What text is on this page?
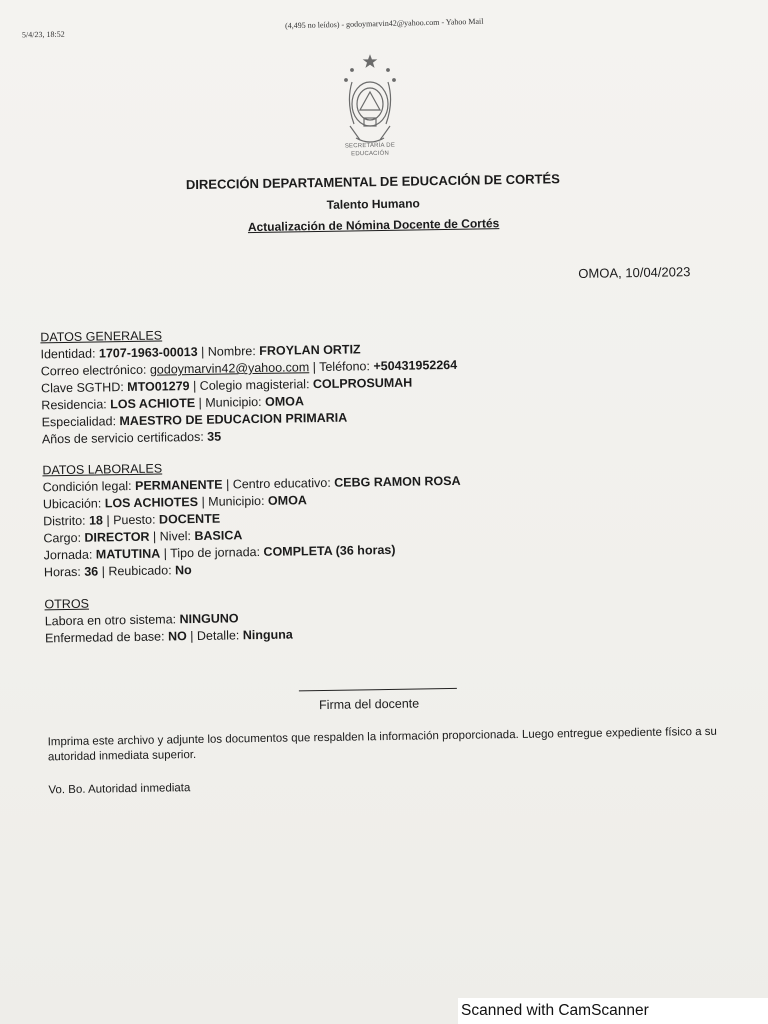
5/4/23, 18:52
(4,495 no leídos) - godoymarvin42@yahoo.com - Yahoo Mail
SECRETARÍA DE
EDUCACIÓN
DIRECCIÓN DEPARTAMENTAL DE EDUCACIÓN DE CORTÉS
Talento Humano
Actualización de Nómina Docente de Cortés
OMOA, 10/04/2023
DATOS GENERALES
Identidad: 1707-1963-00013 | Nombre: FROYLAN ORTIZ
Correo electrónico: godoymarvin42@yahoo.com | Teléfono: +50431952264
Clave SGTHD: MTO01279 | Colegio magisterial: COLPROSUMAH
Residencia: LOS ACHIOTE | Municipio: OMOA
Especialidad: MAESTRO DE EDUCACION PRIMARIA
Años de servicio certificados: 35
DATOS LABORALES
Condición legal: PERMANENTE | Centro educativo: CEBG RAMON ROSA
Ubicación: LOS ACHIOTES | Municipio: OMOA
Distrito: 18 | Puesto: DOCENTE
Cargo: DIRECTOR | Nivel: BASICA
Jornada: MATUTINA | Tipo de jornada: COMPLETA (36 horas)
Horas: 36 | Reubicado: No
OTROS
Labora en otro sistema: NINGUNO
Enfermedad de base: NO | Detalle: Ninguna
Firma del docente
Imprima este archivo y adjunte los documentos que respalden la información proporcionada. Luego entregue expediente físico a su autoridad inmediata superior.
Vo. Bo. Autoridad inmediata
Scanned with CamScanner
